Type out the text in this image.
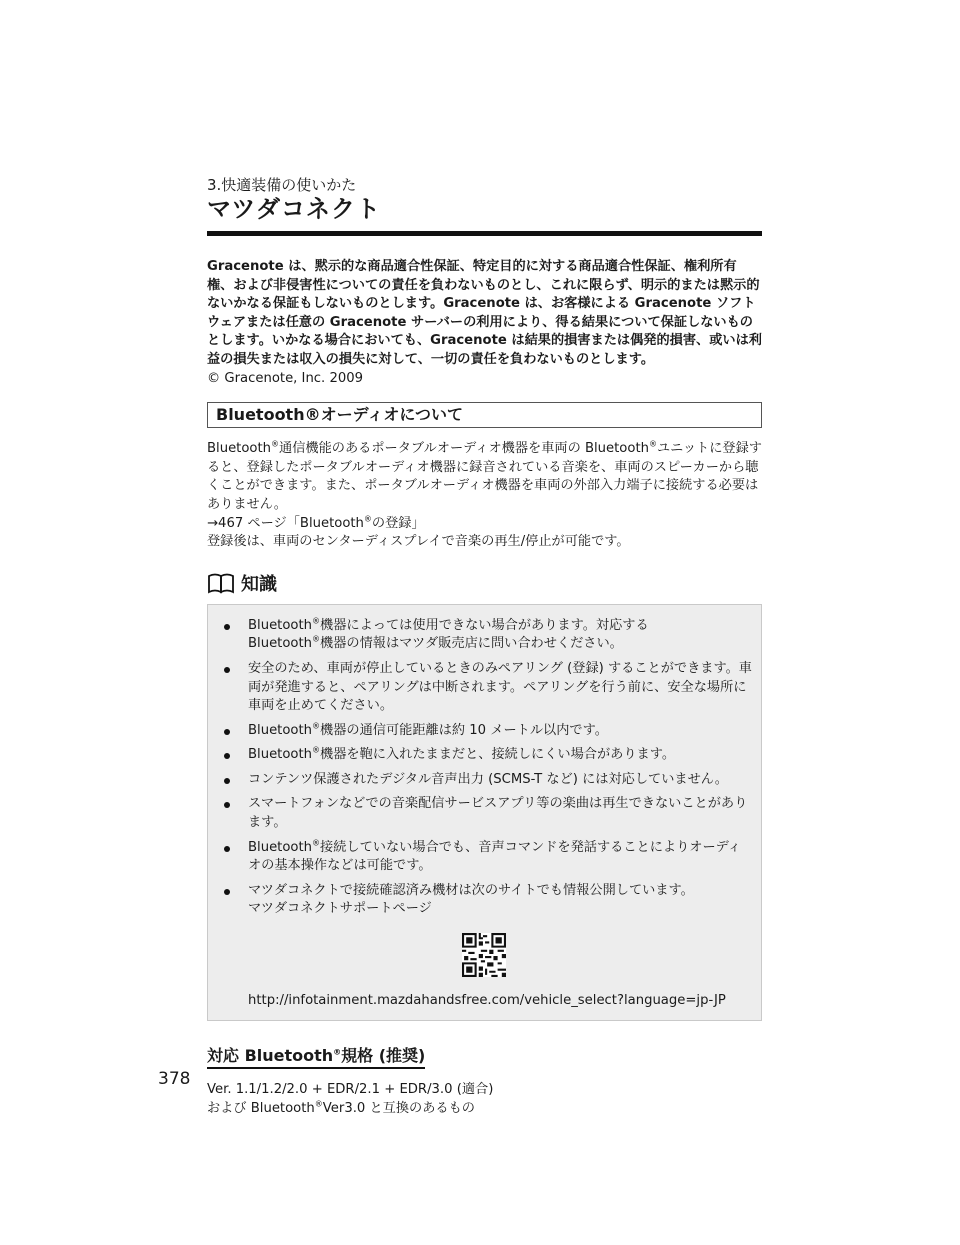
3.快適装備の使いかた

マツダコネクト
Gracenote は、黙示的な商品適合性保証、特定目的に対する商品適合性保証、権利所有権、および非侵害性についての責任を負わないものとし、これに限らず、明示的または黙示的ないかなる保証もしないものとします。Gracenote は、お客様による Gracenote ソフトウェアまたは任意の Gracenote サーバーの利用により、得る結果について保証しないものとします。いかなる場合においても、Gracenote は結果的損害または偶発的損害、或いは利益の損失または収入の損失に対して、一切の責任を負わないものとします。
© Gracenote, Inc. 2009
Bluetooth®オーディオについて

Bluetooth®通信機能のあるポータブルオーディオ機器を車両の Bluetooth®ユニットに登録すると、登録したポータブルオーディオ機器に録音されている音楽を、車両のスピーカーから聴くことができます。また、ポータブルオーディオ機器を車両の外部入力端子に接続する必要はありません。

→467 ページ「Bluetooth®の登録」

登録後は、車両のセンターディスプレイで音楽の再生/停止が可能です。

知識
Bluetooth®機器によっては使用できない場合があります。対応する
Bluetooth®機器の情報はマツダ販売店に問い合わせください。
安全のため、車両が停止しているときのみペアリング (登録) することができます。車両が発進すると、ペアリングは中断されます。ペアリングを行う前に、安全な場所に車両を止めてください。
Bluetooth®機器の通信可能距離は約 10 メートル以内です。
Bluetooth®機器を鞄に入れたままだと、接続しにくい場合があります。
コンテンツ保護されたデジタル音声出力 (SCMS-T など) には対応していません。
スマートフォンなどでの音楽配信サービスアプリ等の楽曲は再生できないことがあります。
Bluetooth®接続していない場合でも、音声コマンドを発話することによりオーディオの基本操作などは可能です。
マツダコネクトで接続確認済み機材は次のサイトでも情報公開しています。
マツダコネクトサポートページ
http://infotainment.mazdahandsfree.com/vehicle_select?language=jp-JP
対応 Bluetooth®規格 (推奨)

Ver. 1.1/1.2/2.0 + EDR/2.1 + EDR/3.0 (適合)

および Bluetooth®Ver3.0 と互換のあるもの

378
